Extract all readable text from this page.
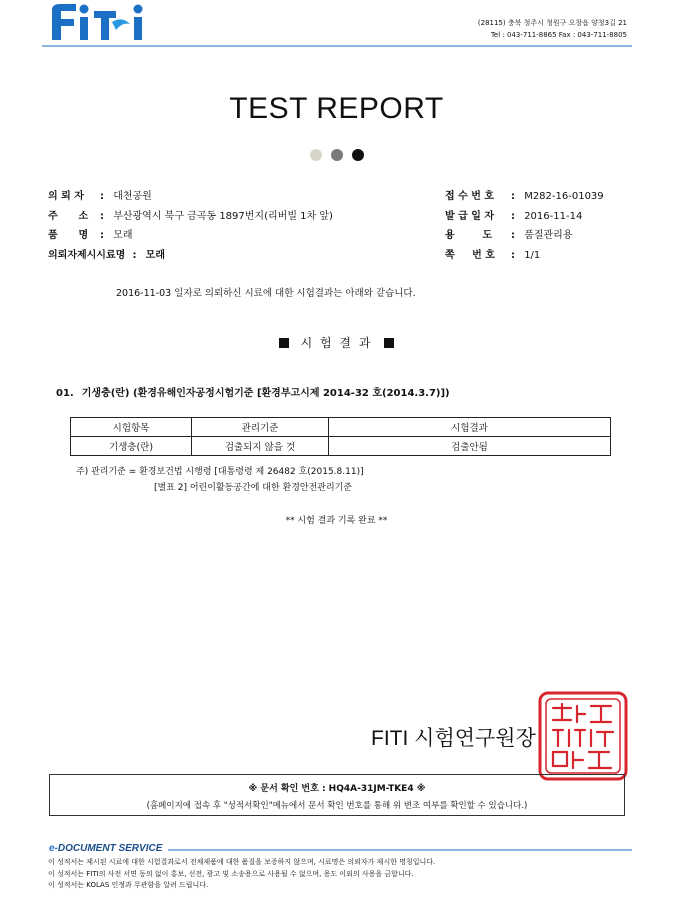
(28115) 충북 청주시 청원구 오창읍 양청3길 21
Tel : 043-711-8865 Fax : 043-711-8805
TEST REPORT
의 뢰 자 : 대천공원
주      소 : 부산광역시 북구 금곡동 1897번지(리버빌 1차 앞)
품      명 : 모래
의뢰자제시시료명 : 모래
접 수 번 호 : M282-16-01039
발 급 일 자 : 2016-11-14
용        도 : 품질관리용
쪽     번 호 : 1/1
2016-11-03 일자로 의뢰하신 시료에 대한 시험결과는 아래와 같습니다.
시 험 결 과
01. 기생충(란) (환경유해인자공정시험기준 [환경부고시제 2014-32 호(2014.3.7)])
시험항목	관리기준	시험결과
기생충(란)	검출되지 않을 것	검출안됨
주) 관리기준 = 환경보건법 시행령 [대통령령 제 26482 호(2015.8.11)]
[별표 2] 어린이활동공간에 대한 환경안전관리기준
** 시험 결과 기록 완료 **
FITI 시험연구원장
※ 문서 확인 번호 : HQ4A-31JM-TKE4 ※
(홈페이지에 접속 후 "성적서확인"메뉴에서 문서 확인 번호를 통해 위 변조 여부를 확인할 수 있습니다.)
e-DOCUMENT SERVICE
이 성적서는 제시된 시료에 대한 시험결과로서 전체제품에 대한 품질을 보증하지 않으며, 시료명은 의뢰자가 제시한 명칭입니다.
이 성적서는 FITI의 사전 서면 동의 없이 홍보, 선전, 광고 및 소송용으로 사용될 수 없으며, 용도 이외의 사용을 금합니다.
이 성적서는 KOLAS 인정과 무관함을 알려 드립니다.
